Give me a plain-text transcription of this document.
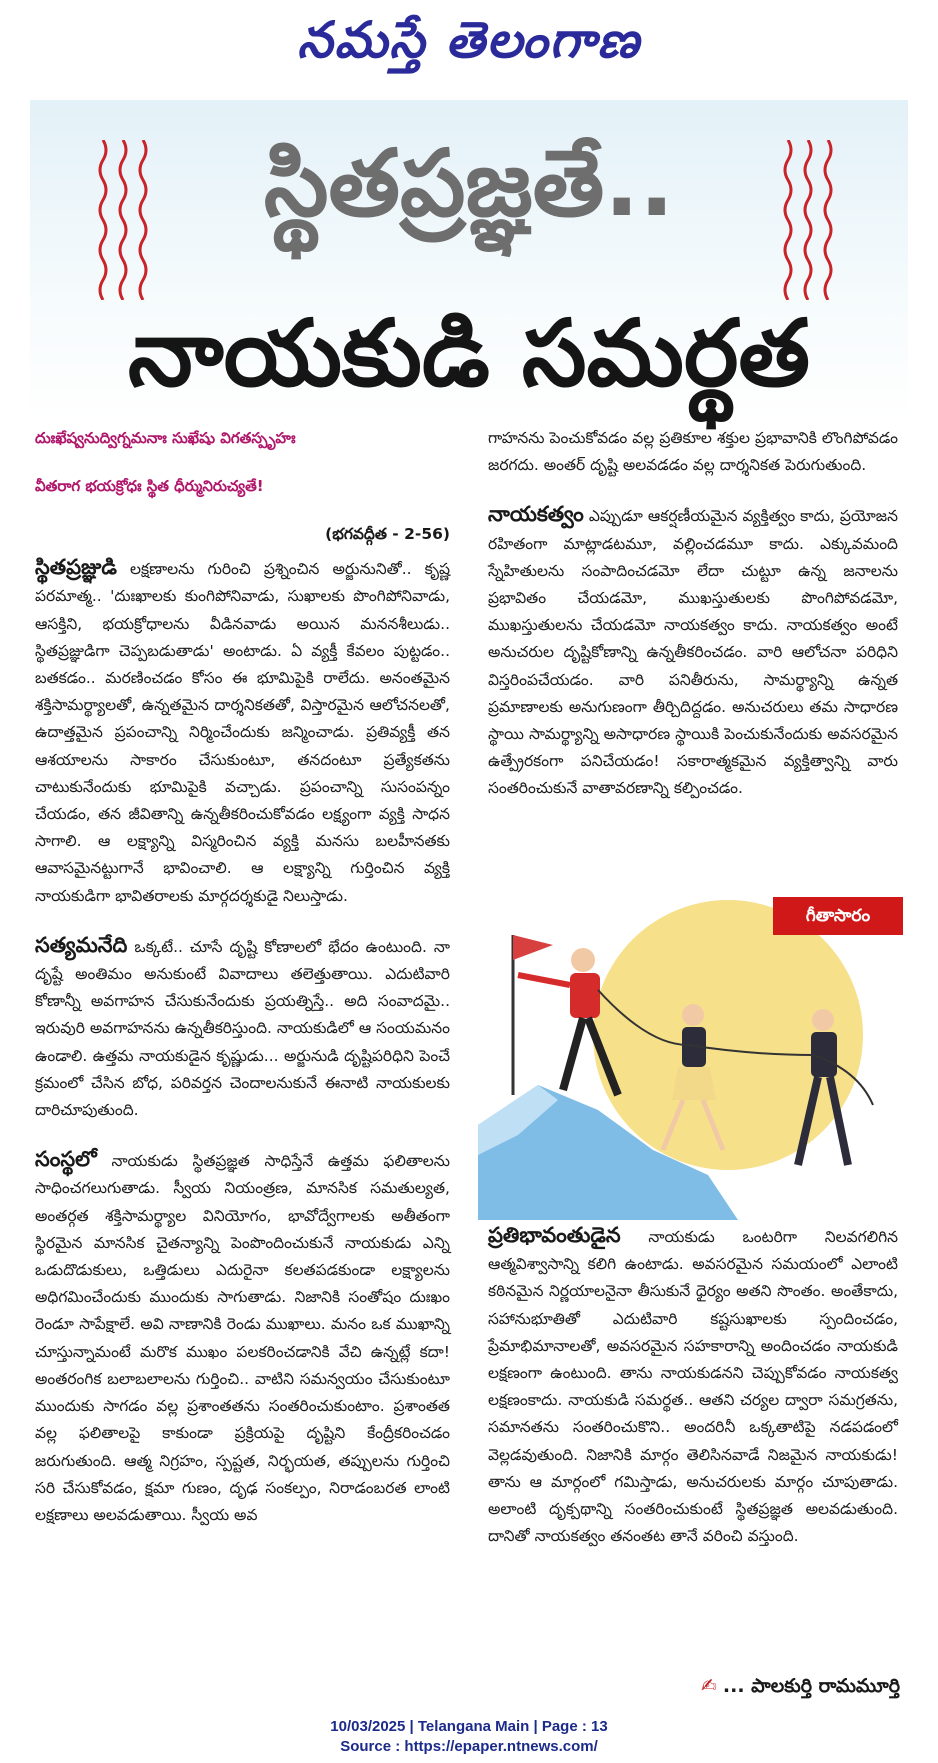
నమస్తే తెలంగాణ
స్థితప్రజ్ఞతే..
నాయకుడి సమర్థత

దుఃఖేష్వనుద్విగ్నమనాః సుఖేషు విగతస్పృహః

వీతరాగ భయక్రోధః స్థిత ధీర్మునిరుచ్యతే!

(భగవద్గీత - 2-56)

స్థితప్రజ్ఞుడి లక్షణాలను గురించి ప్రశ్నించిన అర్జునునితో.. కృష్ణ పరమాత్మ.. 'దుఃఖాలకు కుంగిపోనివాడు, సుఖాలకు పొంగిపోనివాడు, ఆసక్తిని, భయక్రోధాలను వీడినవాడు అయిన మననశీలుడు.. స్థితప్రజ్ఞుడిగా చెప్పబడుతాడు' అంటాడు. ఏ వ్యక్తీ కేవలం పుట్టడం.. బతకడం.. మరణించడం కోసం ఈ భూమిపైకి రాలేదు. అనంతమైన శక్తిసామర్థ్యాలతో, ఉన్నతమైన దార్శనికతతో, విస్తారమైన ఆలోచనలతో, ఉదాత్తమైన ప్రపంచాన్ని నిర్మించేందుకు జన్మించాడు. ప్రతివ్యక్తీ తన ఆశయాలను సాకారం చేసుకుంటూ, తనదంటూ ప్రత్యేకతను చాటుకునేందుకు భూమిపైకి వచ్చాడు. ప్రపంచాన్ని సుసంపన్నం చేయడం, తన జీవితాన్ని ఉన్నతీకరించుకోవడం లక్ష్యంగా వ్యక్తి సాధన సాగాలి. ఆ లక్ష్యాన్ని విస్మరించిన వ్యక్తి మనసు బలహీనతకు ఆవాసమైనట్టుగానే భావించాలి. ఆ లక్ష్యాన్ని గుర్తించిన వ్యక్తి నాయకుడిగా భావితరాలకు మార్గదర్శకుడై నిలుస్తాడు.

సత్యమనేది ఒక్కటే.. చూసే దృష్టి కోణాలలో భేదం ఉంటుంది. నా దృష్టే అంతిమం అనుకుంటే వివాదాలు తలెత్తుతాయి. ఎదుటివారి కోణాన్నీ అవగాహన చేసుకునేందుకు ప్రయత్నిస్తే.. అది సంవాదమై.. ఇరువురి అవగాహనను ఉన్నతీకరిస్తుంది. నాయకుడిలో ఆ సంయమనం ఉండాలి. ఉత్తమ నాయకుడైన కృష్ణుడు... అర్జునుడి దృష్టిపరిధిని పెంచే క్రమంలో చేసిన బోధ, పరివర్తన చెందాలనుకునే ఈనాటి నాయకులకు దారిచూపుతుంది.

సంస్థలో నాయకుడు స్థితప్రజ్ఞత సాధిస్తేనే ఉత్తమ ఫలితాలను సాధించగలుగుతాడు. స్వీయ నియంత్రణ, మానసిక సమతుల్యత, అంతర్గత శక్తిసామర్థ్యాల వినియోగం, భావోద్వేగాలకు అతీతంగా స్థిరమైన మానసిక చైతన్యాన్ని పెంపొందించుకునే నాయకుడు ఎన్ని ఒడుదొడుకులు, ఒత్తిడులు ఎదురైనా కలతపడకుండా లక్ష్యాలను అధిగమించేందుకు ముందుకు సాగుతాడు. నిజానికి సంతోషం దుఃఖం రెండూ సాపేక్షాలే. అవి నాణానికి రెండు ముఖాలు. మనం ఒక ముఖాన్ని చూస్తున్నామంటే మరొక ముఖం పలకరించడానికి వేచి ఉన్నట్లే కదా! అంతరంగిక బలాబలాలను గుర్తించి.. వాటిని సమన్వయం చేసుకుంటూ ముందుకు సాగడం వల్ల ప్రశాంతతను సంతరించుకుంటాం. ప్రశాంతత వల్ల ఫలితాలపై కాకుండా ప్రక్రియపై దృష్టిని కేంద్రీకరించడం జరుగుతుంది. ఆత్మ నిగ్రహం, స్పష్టత, నిర్భయత, తప్పులను గుర్తించి సరి చేసుకోవడం, క్షమా గుణం, దృఢ సంకల్పం, నిరాడంబరత లాంటి లక్షణాలు అలవడుతాయి. స్వీయ అవ

గాహనను పెంచుకోవడం వల్ల ప్రతికూల శక్తుల ప్రభావానికి లొంగిపోవడం జరగదు. అంతర్ దృష్టి అలవడడం వల్ల దార్శనికత పెరుగుతుంది.

నాయకత్వం ఎప్పుడూ ఆకర్షణీయమైన వ్యక్తిత్వం కాదు, ప్రయోజన రహితంగా మాట్లాడటమూ, వల్లించడమూ కాదు. ఎక్కువమంది స్నేహితులను సంపాదించడమో లేదా చుట్టూ ఉన్న జనాలను ప్రభావితం చేయడమో, ముఖస్తుతులకు పొంగిపోవడమో, ముఖస్తుతులను చేయడమో నాయకత్వం కాదు. నాయకత్వం అంటే అనుచరుల దృష్టికోణాన్ని ఉన్నతీకరించడం. వారి ఆలోచనా పరిధిని విస్తరింపచేయడం. వారి పనితీరును, సామర్థ్యాన్ని ఉన్నత ప్రమాణాలకు అనుగుణంగా తీర్చిదిద్దడం. అనుచరులు తమ సాధారణ స్థాయి సామర్థ్యాన్ని అసాధారణ స్థాయికి పెంచుకునేందుకు అవసరమైన ఉత్ప్రేరకంగా పనిచేయడం! సకారాత్మకమైన వ్యక్తిత్వాన్ని వారు సంతరించుకునే వాతావరణాన్ని కల్పించడం.

గీతాసారం

ప్రతిభావంతుడైన నాయకుడు ఒంటరిగా నిలవగలిగిన ఆత్మవిశ్వాసాన్ని కలిగి ఉంటాడు. అవసరమైన సమయంలో ఎలాంటి కఠినమైన నిర్ణయాలనైనా తీసుకునే ధైర్యం అతని సొంతం. అంతేకాదు, సహానుభూతితో ఎదుటివారి కష్టసుఖాలకు స్పందించడం, ప్రేమాభిమానాలతో, అవసరమైన సహకారాన్ని అందించడం నాయకుడి లక్షణంగా ఉంటుంది. తాను నాయకుడనని చెప్పుకోవడం నాయకత్వ లక్షణంకాదు. నాయకుడి సమర్థత.. ఆతని చర్యల ద్వారా సమగ్రతను, సమానతను సంతరించుకొని.. అందరినీ ఒక్కతాటిపై నడపడంలో వెల్లడవుతుంది. నిజానికి మార్గం తెలిసినవాడే నిజమైన నాయకుడు! తాను ఆ మార్గంలో గమిస్తాడు, అనుచరులకు మార్గం చూపుతాడు. అలాంటి దృక్పథాన్ని సంతరించుకుంటే స్థితప్రజ్ఞత అలవడుతుంది. దానితో నాయకత్వం తనంతట తానే వరించి వస్తుంది.

✍ ... పాలకుర్తి రామమూర్తి
10/03/2025 | Telangana Main | Page : 13
Source : https://epaper.ntnews.com/
